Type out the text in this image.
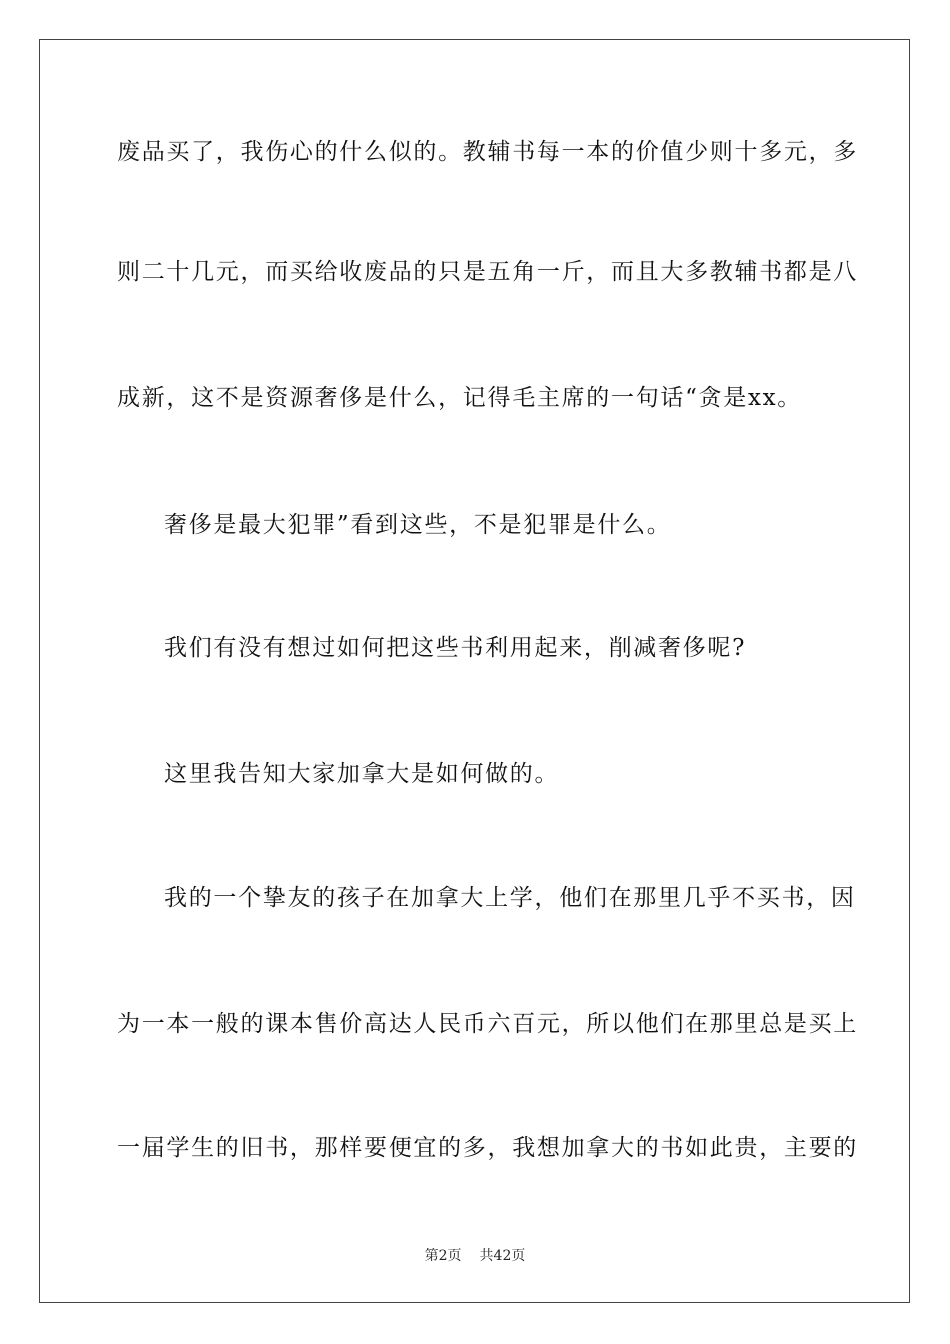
废品买了，我伤心的什么似的。教辅书每一本的价值少则十多元，多
则二十几元，而买给收废品的只是五角一斤，而且大多教辅书都是八
成新，这不是资源奢侈是什么，记得毛主席的一句话“贪是xx。
奢侈是最大犯罪”看到这些，不是犯罪是什么。
我们有没有想过如何把这些书利用起来，削减奢侈呢?
这里我告知大家加拿大是如何做的。
我的一个挚友的孩子在加拿大上学，他们在那里几乎不买书，因
为一本一般的课本售价高达人民币六百元，所以他们在那里总是买上
一届学生的旧书，那样要便宜的多，我想加拿大的书如此贵，主要的
第2页 共42页
